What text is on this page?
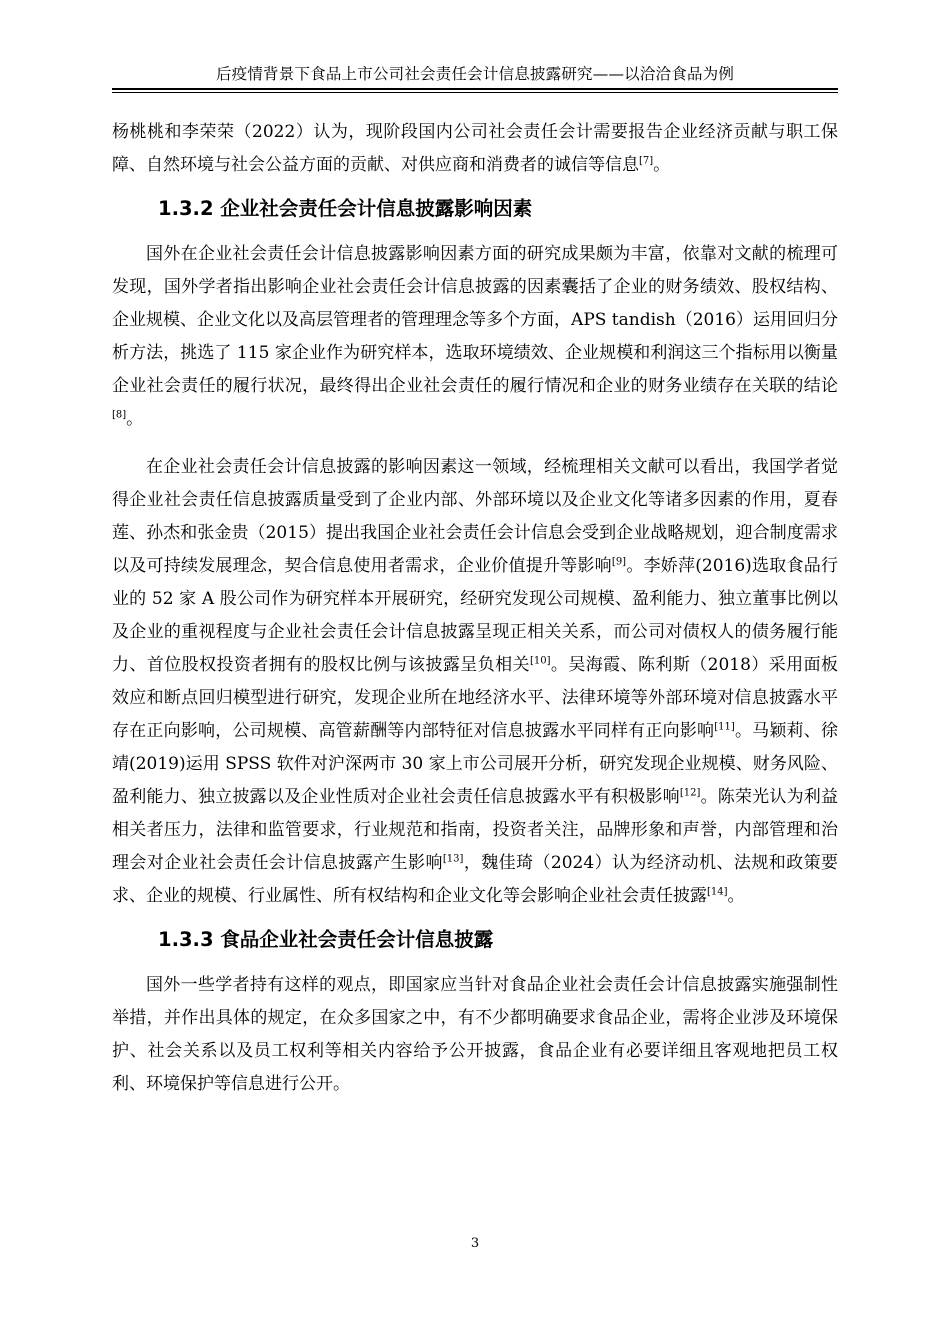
后疫情背景下食品上市公司社会责任会计信息披露研究——以洽洽食品为例

杨桃桃和李荣荣（2022）认为，现阶段国内公司社会责任会计需要报告企业经济贡献与职工保障、自然环境与社会公益方面的贡献、对供应商和消费者的诚信等信息[7]。

1.3.2 企业社会责任会计信息披露影响因素

国外在企业社会责任会计信息披露影响因素方面的研究成果颇为丰富，依靠对文献的梳理可发现，国外学者指出影响企业社会责任会计信息披露的因素囊括了企业的财务绩效、股权结构、企业规模、企业文化以及高层管理者的管理理念等多个方面，APS tandish（2016）运用回归分析方法，挑选了 115 家企业作为研究样本，选取环境绩效、企业规模和利润这三个指标用以衡量企业社会责任的履行状况，最终得出企业社会责任的履行情况和企业的财务业绩存在关联的结论[8]。

在企业社会责任会计信息披露的影响因素这一领域，经梳理相关文献可以看出，我国学者觉得企业社会责任信息披露质量受到了企业内部、外部环境以及企业文化等诸多因素的作用，夏春莲、孙杰和张金贵（2015）提出我国企业社会责任会计信息会受到企业战略规划，迎合制度需求以及可持续发展理念，契合信息使用者需求，企业价值提升等影响[9]。李娇萍(2016)选取食品行业的 52 家 A 股公司作为研究样本开展研究，经研究发现公司规模、盈利能力、独立董事比例以及企业的重视程度与企业社会责任会计信息披露呈现正相关关系，而公司对债权人的债务履行能力、首位股权投资者拥有的股权比例与该披露呈负相关[10]。吴海霞、陈利斯（2018）采用面板效应和断点回归模型进行研究，发现企业所在地经济水平、法律环境等外部环境对信息披露水平存在正向影响，公司规模、高管薪酬等内部特征对信息披露水平同样有正向影响[11]。马颖莉、徐靖(2019)运用 SPSS 软件对沪深两市 30 家上市公司展开分析，研究发现企业规模、财务风险、盈利能力、独立披露以及企业性质对企业社会责任信息披露水平有积极影响[12]。陈荣光认为利益相关者压力，法律和监管要求，行业规范和指南，投资者关注，品牌形象和声誉，内部管理和治理会对企业社会责任会计信息披露产生影响[13]，魏佳琦（2024）认为经济动机、法规和政策要求、企业的规模、行业属性、所有权结构和企业文化等会影响企业社会责任披露[14]。

1.3.3 食品企业社会责任会计信息披露

国外一些学者持有这样的观点，即国家应当针对食品企业社会责任会计信息披露实施强制性举措，并作出具体的规定，在众多国家之中，有不少都明确要求食品企业，需将企业涉及环境保护、社会关系以及员工权利等相关内容给予公开披露，食品企业有必要详细且客观地把员工权利、环境保护等信息进行公开。

3
